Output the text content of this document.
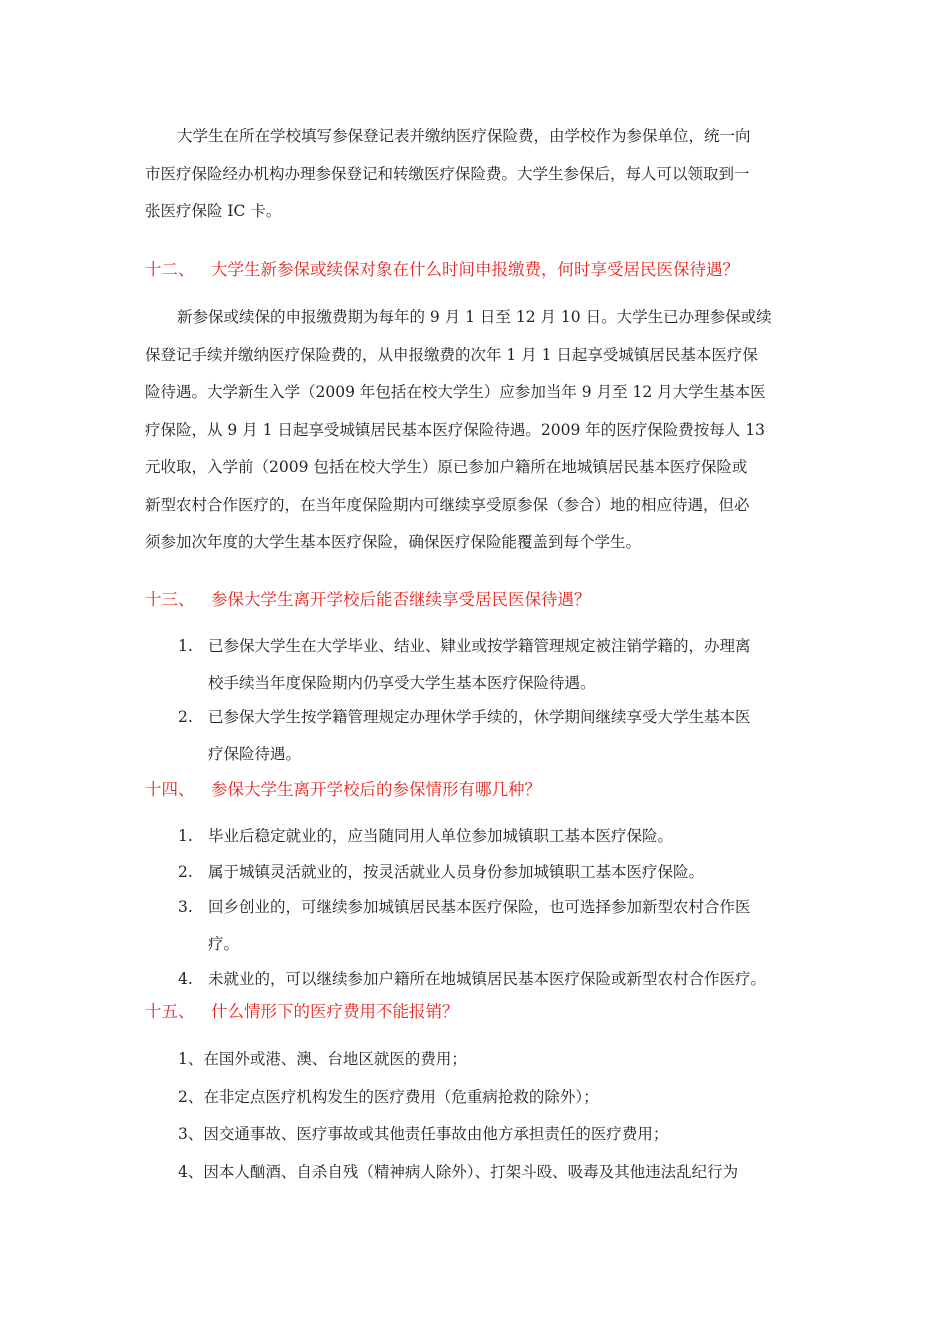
大学生在所在学校填写参保登记表并缴纳医疗保险费，由学校作为参保单位，统一向
市医疗保险经办机构办理参保登记和转缴医疗保险费。大学生参保后，每人可以领取到一
张医疗保险 IC 卡。
十二、 大学生新参保或续保对象在什么时间申报缴费，何时享受居民医保待遇？
新参保或续保的申报缴费期为每年的 9 月 1 日至 12 月 10 日。大学生已办理参保或续
保登记手续并缴纳医疗保险费的，从申报缴费的次年 1 月 1 日起享受城镇居民基本医疗保
险待遇。大学新生入学（2009 年包括在校大学生）应参加当年 9 月至 12 月大学生基本医
疗保险，从 9 月 1 日起享受城镇居民基本医疗保险待遇。2009 年的医疗保险费按每人 13
元收取，入学前（2009 包括在校大学生）原已参加户籍所在地城镇居民基本医疗保险或
新型农村合作医疗的，在当年度保险期内可继续享受原参保（参合）地的相应待遇，但必
须参加次年度的大学生基本医疗保险，确保医疗保险能覆盖到每个学生。
十三、 参保大学生离开学校后能否继续享受居民医保待遇？
1. 已参保大学生在大学毕业、结业、肄业或按学籍管理规定被注销学籍的，办理离
校手续当年度保险期内仍享受大学生基本医疗保险待遇。
2. 已参保大学生按学籍管理规定办理休学手续的，休学期间继续享受大学生基本医
疗保险待遇。
十四、 参保大学生离开学校后的参保情形有哪几种？
1. 毕业后稳定就业的，应当随同用人单位参加城镇职工基本医疗保险。
2. 属于城镇灵活就业的，按灵活就业人员身份参加城镇职工基本医疗保险。
3. 回乡创业的，可继续参加城镇居民基本医疗保险，也可选择参加新型农村合作医
疗。
4. 未就业的，可以继续参加户籍所在地城镇居民基本医疗保险或新型农村合作医疗。
十五、 什么情形下的医疗费用不能报销？
1、在国外或港、澳、台地区就医的费用；
2、在非定点医疗机构发生的医疗费用（危重病抢救的除外）；
3、因交通事故、医疗事故或其他责任事故由他方承担责任的医疗费用；
4、因本人酗酒、自杀自残（精神病人除外）、打架斗殴、吸毒及其他违法乱纪行为
